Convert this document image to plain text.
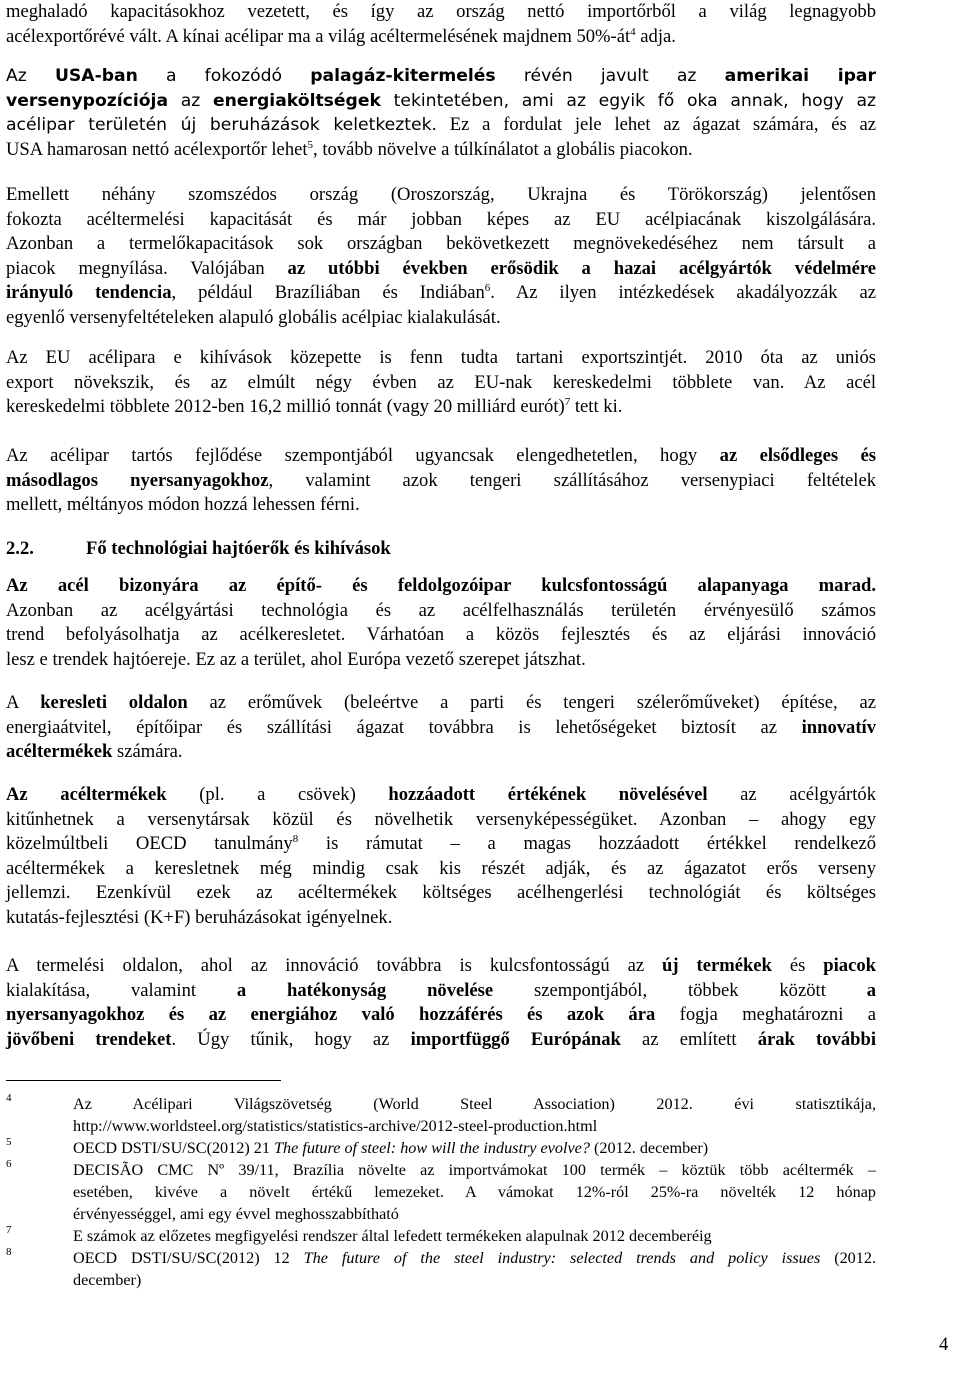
meghaladó kapacitásokhoz vezetett, és így az ország nettó importőrből a világ legnagyobb
acélexportőrévé vált. A kínai acélipar ma a világ acéltermelésének majdnem $50\%-át^4$ adja.
Az USA-ban a fokozódó palagáz-kitermelés révén javult az amerikai ipar
versenypozíciója az energiaköltségek tekintetében, ami az egyik fő oka annak, hogy az
acélipar területén új beruházások keletkeztek. Ez a fordulat jele lehet az ágazat számára, és az
USA hamarosan nettó acélexportőr lehet$^5$, tovább növelve a túlkínálatot a globális piacokon.
Emellett néhány szomszédos ország (Oroszország, Ukrajna és Törökország) jelentősen
fokozta acéltermelési kapacitását és már jobban képes az EU acélpiacának kiszolgálására.
Azonban a termelőkapacitások sok országban bekövetkezett megnövekedéséhez nem társult a
piacok megnyílása. Valójában az utóbbi években erősödik a hazai acélgyártók védelmére
irányuló tendencia, például Brazíliában és Indiában$^6$. Az ilyen intézkedések akadályozzák az
egyenlő versenyfeltételeken alapuló globális acélpiac kialakulását.
Az EU acélipara e kihívások közepette is fenn tudta tartani exportszintjét. 2010 óta az uniós
export növekszik, és az elmúlt négy évben az EU-nak kereskedelmi többlete van. Az acél
kereskedelmi többlete 2012-ben 16,2 millió tonnát (vagy 20 milliárd eurót)$^7$ tett ki.
Az acélipar tartós fejlődése szempontjából ugyancsak elengedhetetlen, hogy az elsődleges és
másodlagos nyersanyagokhoz, valamint azok tengeri szállításához versenypiaci feltételek
mellett, méltányos módon hozzá lehessen férni.
2.2.	Fő technológiai hajtóerők és kihívások
Az acél bizonyára az építő- és feldolgozóipar kulcsfontosságú alapanyaga marad.
Azonban az acélgyártási technológia és az acélfelhasználás területén érvényesülő számos
trend befolyásolhatja az acélkeresletet. Várhatóan a közös fejlesztés és az eljárási innováció
lesz e trendek hajtóereje. Ez az a terület, ahol Európa vezető szerepet játszhat.
A keresleti oldalon az erőművek (beleértve a parti és tengeri szélerőműveket) építése, az
energiaátvitel, építőipar és szállítási ágazat továbbra is lehetőségeket biztosít az innovatív
acéltermékek számára.
Az acéltermékek (pl. a csövek) hozzáadott értékének növelésével az acélgyártók
kitűnhetnek a versenytársak közül és növelhetik versenyképességüket. Azonban – ahogy egy
közelmúltbeli OECD tanulmány$^8$ is rámutat – a magas hozzáadott értékkel rendelkező
acéltermékek a keresletnek még mindig csak kis részét adják, és az ágazatot erős verseny
jellemzi. Ezenkívül ezek az acéltermékek költséges acélhengerlési technológiát és költséges
kutatás-fejlesztési (K+F) beruházásokat igényelnek.
A termelési oldalon, ahol az innováció továbbra is kulcsfontosságú az új termékek és piacok
kialakítása, valamint a hatékonyság növelése szempontjából, többek között a
nyersanyagokhoz és az energiához való hozzáférés és azok ára fogja meghatározni a
jövőbeni trendeket. Úgy tűnik, hogy az importfüggő Európának az említett árak további
4	Az Acélipari Világszövetség (World Steel Association) 2012. évi statisztikája,
http://www.worldsteel.org/statistics/statistics-archive/2012-steel-production.html
5	OECD DSTI/SU/SC(2012) 21 The future of steel: how will the industry evolve? (2012. december)
6	DECISÃO CMC Nº 39/11, Brazília növelte az importvámokat 100 termék – köztük több acéltermék –
esetében, kivéve a növelt értékű lemezeket. A vámokat 12%-ról 25%-ra növelték 12 hónap
érvényességgel, ami egy évvel meghosszabbítható
7	E számok az előzetes megfigyelési rendszer által lefedett termékeken alapulnak 2012 decemberéig
8	OECD DSTI/SU/SC(2012) 12 The future of the steel industry: selected trends and policy issues (2012.
december)
4
